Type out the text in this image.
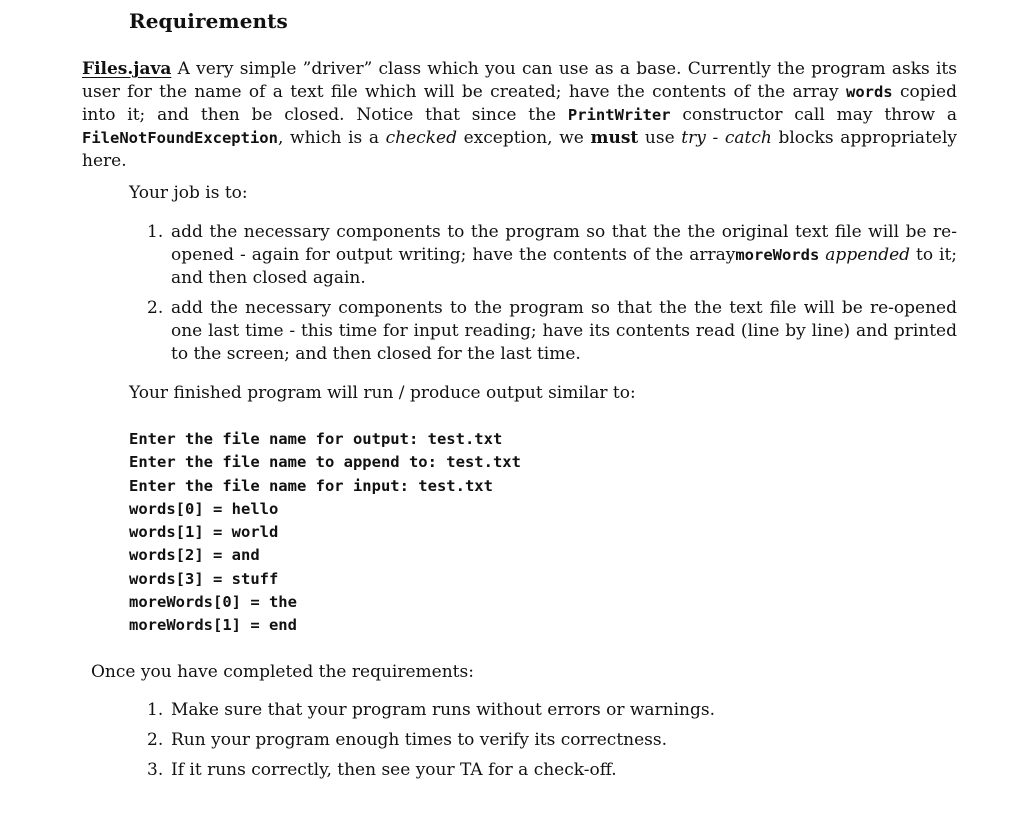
Requirements
Files.java A very simple ”driver” class which you can use as a base. Currently the program asks its user for the name of a text file which will be created; have the contents of the array words copied into it; and then be closed. Notice that since the PrintWriter constructor call may throw a FileNotFoundException, which is a checked exception, we must use try - catch blocks appropriately here.
Your job is to:
1. add the necessary components to the program so that the the original text file will be re-opened - again for output writing; have the contents of the arraymoreWords appended to it; and then closed again.
2. add the necessary components to the program so that the the text file will be re-opened one last time - this time for input reading; have its contents read (line by line) and printed to the screen; and then closed for the last time.
Your finished program will run / produce output similar to:
Enter the file name for output: test.txt
Enter the file name to append to: test.txt
Enter the file name for input: test.txt
words[0] = hello
words[1] = world
words[2] = and
words[3] = stuff
moreWords[0] = the
moreWords[1] = end
Once you have completed the requirements:
1. Make sure that your program runs without errors or warnings.
2. Run your program enough times to verify its correctness.
3. If it runs correctly, then see your TA for a check-off.
